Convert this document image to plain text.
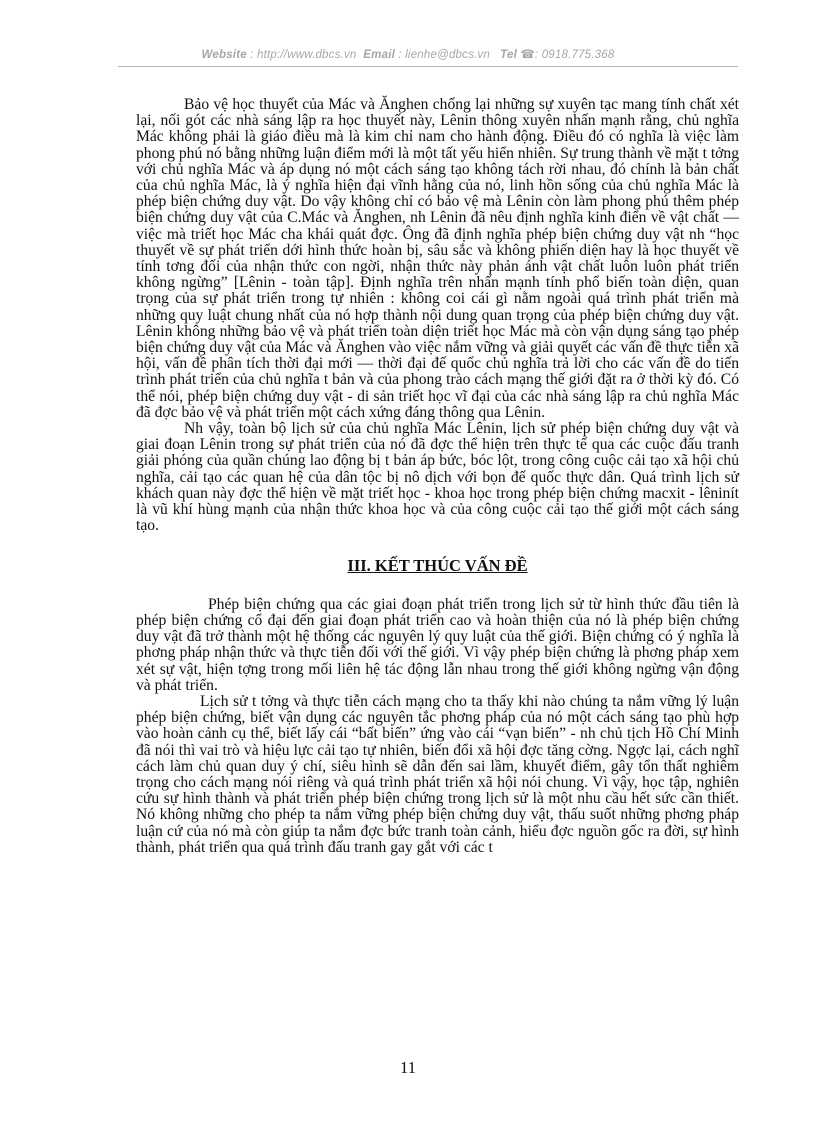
Website : http://www.dbcs.vn Email : lienhe@dbcs.vn Tel ☎: 0918.775.368

Bảo vệ học thuyết của Mác và Ănghen chống lại những sự xuyên tạc mang tính chất xét lại, nối gót các nhà sáng lập ra học thuyết này, Lênin thông xuyên nhấn mạnh rằng, chủ nghĩa Mác không phải là giáo điều mà là kim chỉ nam cho hành động. Điều đó có nghĩa là việc làm phong phú nó bằng những luận điểm mới là một tất yếu hiển nhiên. Sự trung thành về mặt t tởng với chủ nghĩa Mác và áp dụng nó một cách sáng tạo không tách rời nhau, đó chính là bản chất của chủ nghĩa Mác, là ý nghĩa hiện đại vĩnh hằng của nó, linh hồn sống của chủ nghĩa Mác là phép biện chứng duy vật. Do vậy không chỉ có bảo vệ mà Lênin còn làm phong phú thêm phép biện chứng duy vật của C.Mác và Ănghen, nh Lênin đã nêu định nghĩa kinh điển về vật chất — việc mà triết học Mác cha khái quát đợc. Ông đã định nghĩa phép biện chứng duy vật nh “học thuyết về sự phát triển dới hình thức hoàn bị, sâu sắc và không phiến diện hay là học thuyết về tính tơng đối của nhận thức con ngời, nhận thức này phản ánh vật chất luôn luôn phát triển không ngừng” [Lênin - toàn tập]. Định nghĩa trên nhấn mạnh tính phổ biến toàn diện, quan trọng của sự phát triển trong tự nhiên : không coi cái gì nằm ngoài quá trình phát triển mà những quy luật chung nhất của nó hợp thành nội dung quan trọng của phép biện chứng duy vật. Lênin không những bảo vệ và phát triển toàn diện triết học Mác mà còn vận dụng sáng tạo phép biện chứng duy vật của Mác và Ănghen vào việc nắm vững và giải quyết các vấn đề thực tiễn xã hội, vấn đề phân tích thời đại mới — thời đại đế quốc chủ nghĩa trả lời cho các vấn đề do tiến trình phát triển của chủ nghĩa t bản và của phong trào cách mạng thế giới đặt ra ở thời kỳ đó. Có thể nói, phép biện chứng duy vật - di sản triết học vĩ đại của các nhà sáng lập ra chủ nghĩa Mác đã đợc bảo vệ và phát triển một cách xứng đáng thông qua Lênin.

Nh vậy, toàn bộ lịch sử của chủ nghĩa Mác Lênin, lịch sử phép biện chứng duy vật và giai đoạn Lênin trong sự phát triển của nó đã đợc thể hiện trên thực tế qua các cuộc đấu tranh giải phóng của quần chúng lao động bị t bản áp bức, bóc lột, trong công cuộc cải tạo xã hội chủ nghĩa, cải tạo các quan hệ của dân tộc bị nô dịch với bọn đế quốc thực dân. Quá trình lịch sử khách quan này đợc thể hiện về mặt triết học - khoa học trong phép biện chứng macxit - lêninít là vũ khí hùng mạnh của nhận thức khoa học và của công cuộc cải tạo thế giới một cách sáng tạo.

III. KẾT THÚC VẤN ĐỀ

Phép biện chứng qua các giai đoạn phát triển trong lịch sử từ hình thức đầu tiên là phép biện chứng cổ đại đến giai đoạn phát triển cao và hoàn thiện của nó là phép biện chứng duy vật đã trở thành một hệ thống các nguyên lý quy luật của thế giới. Biện chứng có ý nghĩa là phơng pháp nhận thức và thực tiễn đối với thế giới. Vì vậy phép biện chứng là phơng pháp xem xét sự vật, hiện tợng trong mối liên hệ tác động lẫn nhau trong thế giới không ngừng vận động và phát triển.

Lịch sử t tởng và thực tiễn cách mạng cho ta thấy khi nào chúng ta nắm vững lý luận phép biện chứng, biết vận dụng các nguyên tắc phơng pháp của nó một cách sáng tạo phù hợp vào hoàn cảnh cụ thể, biết lấy cái “bất biến” ứng vào cái “vạn biến” - nh chủ tịch Hồ Chí Minh đã nói thì vai trò và hiệu lực cải tạo tự nhiên, biến đổi xã hội đợc tăng cờng. Ngợc lại, cách nghĩ cách làm chủ quan duy ý chí, siêu hình sẽ dẫn đến sai lầm, khuyết điểm, gây tổn thất nghiêm trọng cho cách mạng nói riêng và quá trình phát triển xã hội nói chung. Vì vậy, học tập, nghiên cứu sự hình thành và phát triển phép biện chứng trong lịch sử là một nhu cầu hết sức cần thiết. Nó không những cho phép ta nắm vững phép biện chứng duy vật, thấu suốt những phơng pháp luận cứ của nó mà còn giúp ta nắm đợc bức tranh toàn cảnh, hiểu đợc nguồn gốc ra đời, sự hình thành, phát triển qua quá trình đấu tranh gay gắt với các t

11
